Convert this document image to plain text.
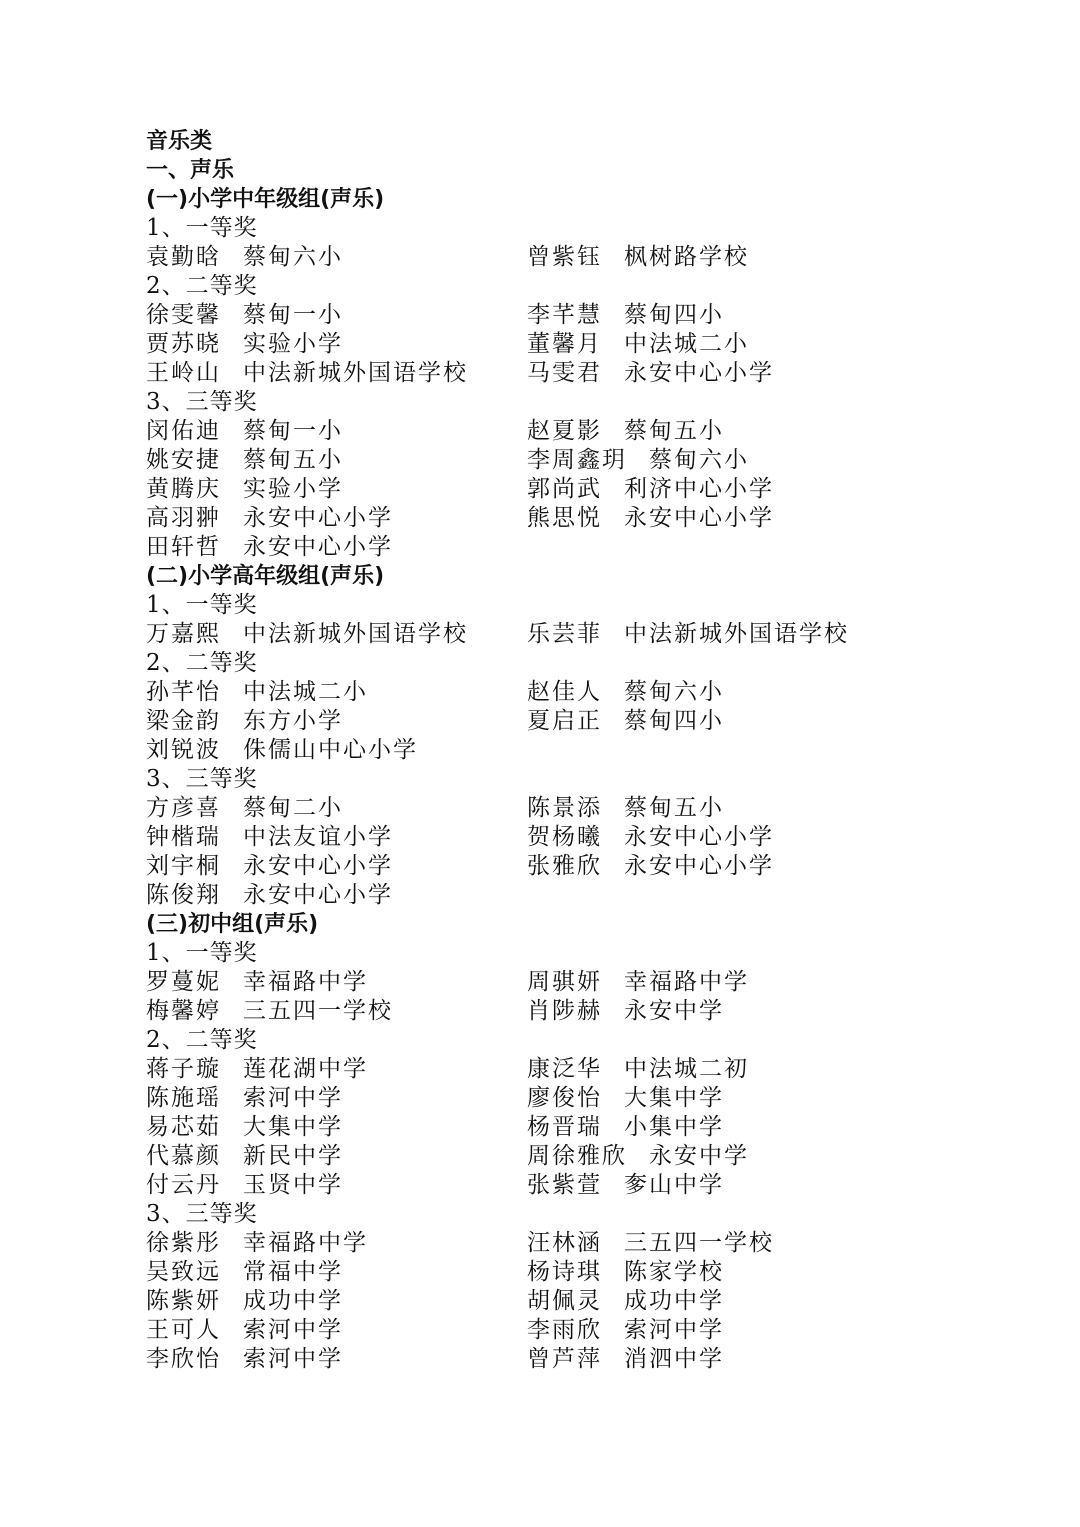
音乐类
一、声乐
(一)小学中年级组(声乐)
1、一等奖
袁勤晗 蔡甸六小	曾紫钰 枫树路学校
2、二等奖
徐雯馨 蔡甸一小	李芊慧 蔡甸四小
贾苏晓 实验小学	董馨月 中法城二小
王岭山 中法新城外国语学校	马雯君 永安中心小学
3、三等奖
闵佑迪 蔡甸一小	赵夏影 蔡甸五小
姚安捷 蔡甸五小	李周鑫玥 蔡甸六小
黄腾庆 实验小学	郭尚武 利济中心小学
高羽翀 永安中心小学	熊思悦 永安中心小学
田轩哲 永安中心小学
(二)小学高年级组(声乐)
1、一等奖
万嘉熙 中法新城外国语学校	乐芸菲 中法新城外国语学校
2、二等奖
孙芊怡 中法城二小	赵佳人 蔡甸六小
梁金韵 东方小学	夏启正 蔡甸四小
刘锐波 侏儒山中心小学
3、三等奖
方彦喜 蔡甸二小	陈景添 蔡甸五小
钟楷瑞 中法友谊小学	贺杨曦 永安中心小学
刘宇桐 永安中心小学	张雅欣 永安中心小学
陈俊翔 永安中心小学
(三)初中组(声乐)
1、一等奖
罗蔓妮 幸福路中学	周骐妍 幸福路中学
梅馨婷 三五四一学校	肖陟赫 永安中学
2、二等奖
蒋子璇 莲花湖中学	康泛华 中法城二初
陈施瑶 索河中学	廖俊怡 大集中学
易芯茹 大集中学	杨晋瑞 小集中学
代慕颜 新民中学	周徐雅欣 永安中学
付云丹 玉贤中学	张紫萱 奓山中学
3、三等奖
徐紫彤 幸福路中学	汪林涵 三五四一学校
吴致远 常福中学	杨诗琪 陈家学校
陈紫妍 成功中学	胡佩灵 成功中学
王可人 索河中学	李雨欣 索河中学
李欣怡 索河中学	曾芦萍 消泗中学
